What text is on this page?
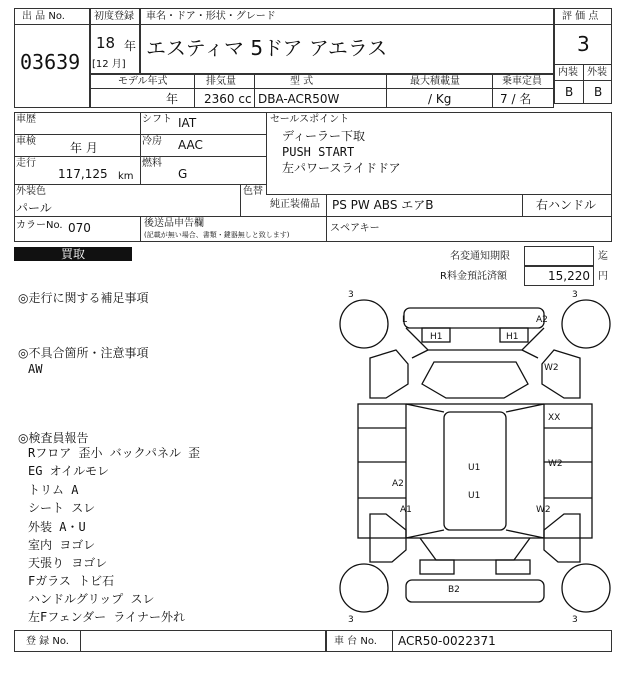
出 品 No.
03639
初度登録
18 年
[12 月]
車名・ドア・形状・グレード
エスティマ 5ドア アエラス
評 価 点
3
内装 外装
B B
モデル年式	排気量	型 式	最大積載量	乗車定員
年 2360 cc DBA-ACR50W	/ Kg	7 / 名
車歴
車検	年 月
走行
117,125 km
シフト IAT
冷房 AAC
燃料
G
セールスポイント
ディーラー下取
PUSH START
左パワースライドドア
外装色
パール
色替
純正装備品 PS PW ABS エアB	右ハンドル
スペアキー
カラーNo. 070	後送品申告欄
(記載が無い場合、書類・鍵器無しと致します)
買取	名変通知期限	迄
R料金預託済額	15,220 円
◎走行に関する補足事項
◎不具合箇所・注意事項
AW
◎検査員報告
Rフロア 歪小 バックパネル 歪
EG オイルモレ
トリム A
シート スレ
外装 A・U
室内 ヨゴレ
天張り ヨゴレ
Fガラス トビ石
ハンドルグリップ スレ
左Fフェンダー ライナー外れ
3	3
3	3
L	A2
H1	H1
W2
XX
U1
U1
W2
A2
A1	W2
B2
登 録 No.	車 台 No. ACR50-0022371
